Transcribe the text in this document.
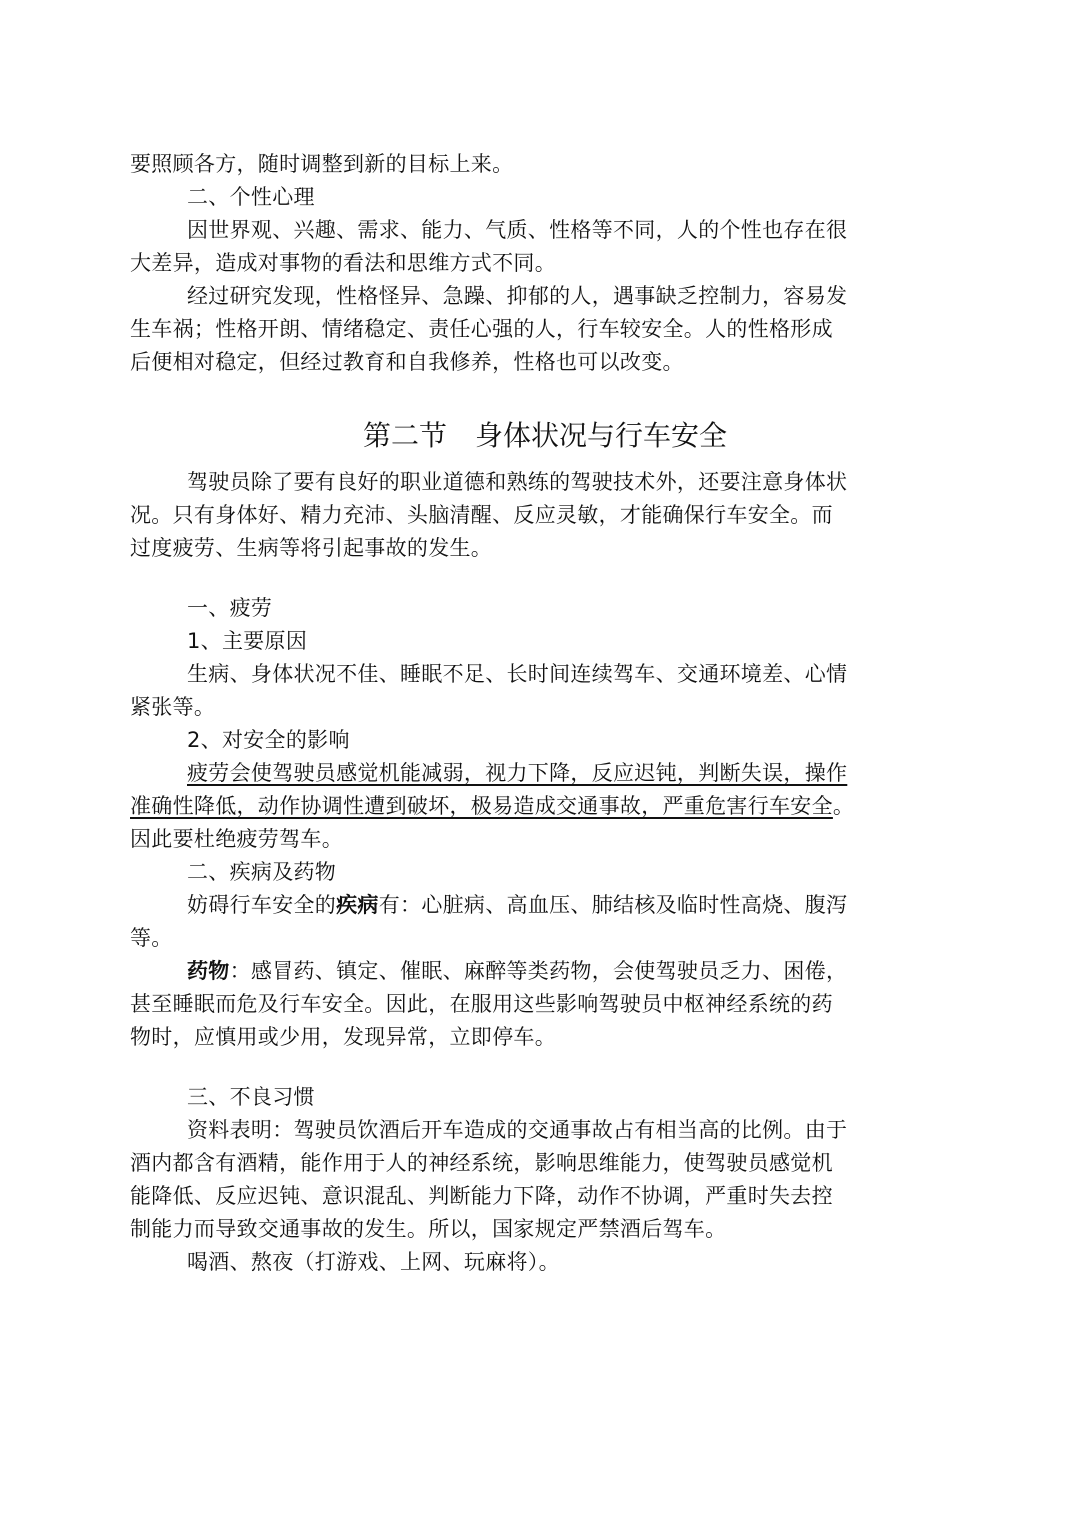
要照顾各方，随时调整到新的目标上来。
二、个性心理
因世界观、兴趣、需求、能力、气质、性格等不同，人的个性也存在很
大差异，造成对事物的看法和思维方式不同。
经过研究发现，性格怪异、急躁、抑郁的人，遇事缺乏控制力，容易发
生车祸；性格开朗、情绪稳定、责任心强的人，行车较安全。人的性格形成
后便相对稳定，但经过教育和自我修养，性格也可以改变。
第二节　身体状况与行车安全
驾驶员除了要有良好的职业道德和熟练的驾驶技术外，还要注意身体状
况。只有身体好、精力充沛、头脑清醒、反应灵敏，才能确保行车安全。而
过度疲劳、生病等将引起事故的发生。
一、疲劳
1、主要原因
生病、身体状况不佳、睡眠不足、长时间连续驾车、交通环境差、心情
紧张等。
2、对安全的影响
疲劳会使驾驶员感觉机能减弱，视力下降，反应迟钝，判断失误，操作
准确性降低，动作协调性遭到破坏，极易造成交通事故，严重危害行车安全。
因此要杜绝疲劳驾车。
二、疾病及药物
妨碍行车安全的疾病有：心脏病、高血压、肺结核及临时性高烧、腹泻
等。
药物：感冒药、镇定、催眠、麻醉等类药物，会使驾驶员乏力、困倦，
甚至睡眠而危及行车安全。因此，在服用这些影响驾驶员中枢神经系统的药
物时，应慎用或少用，发现异常，立即停车。
三、不良习惯
资料表明：驾驶员饮酒后开车造成的交通事故占有相当高的比例。由于
酒内都含有酒精，能作用于人的神经系统，影响思维能力，使驾驶员感觉机
能降低、反应迟钝、意识混乱、判断能力下降，动作不协调，严重时失去控
制能力而导致交通事故的发生。所以，国家规定严禁酒后驾车。
喝酒、熬夜（打游戏、上网、玩麻将）。
